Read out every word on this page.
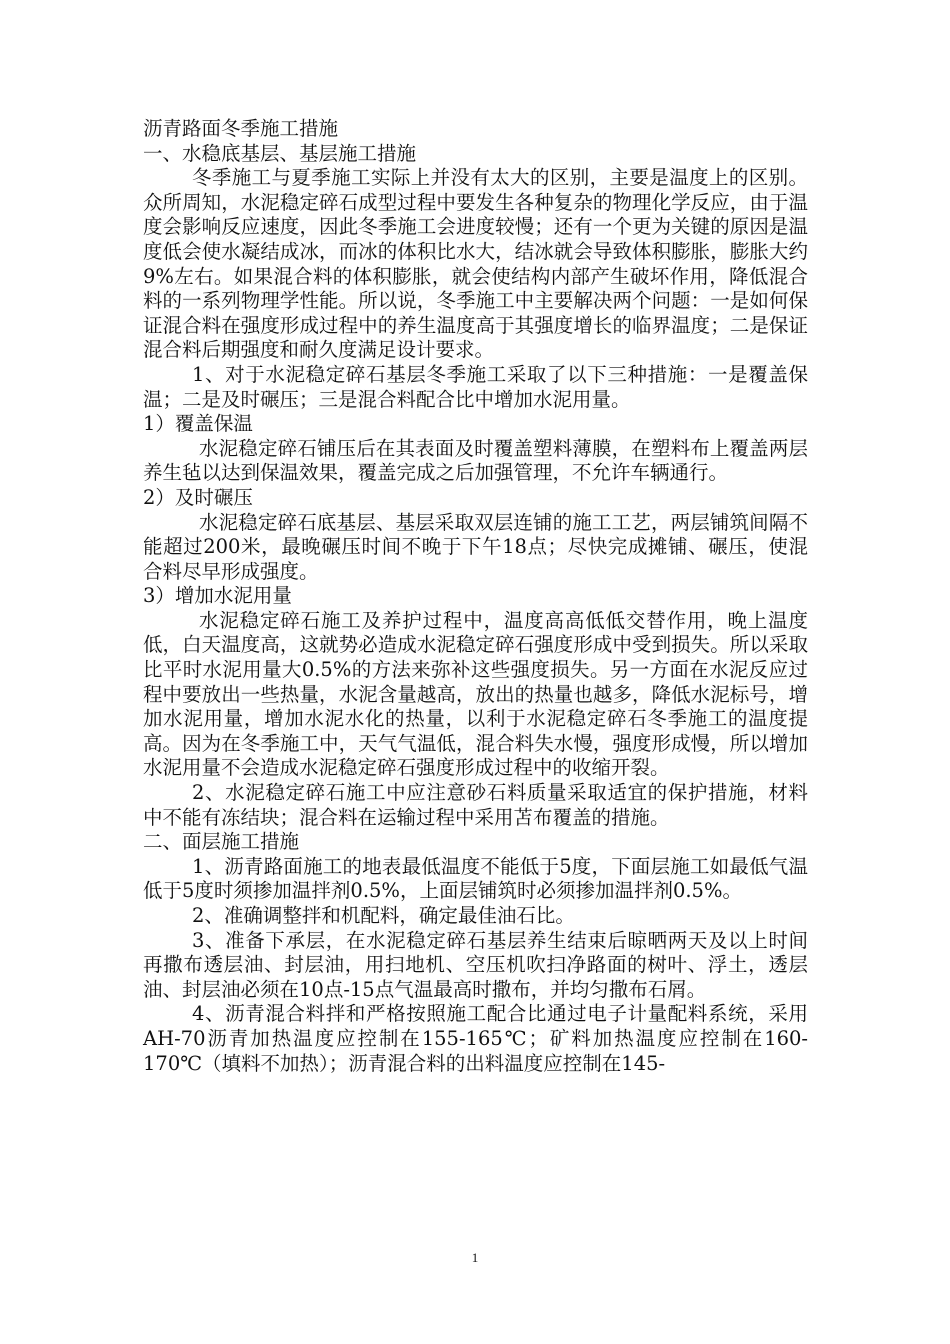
沥青路面冬季施工措施

一、水稳底基层、基层施工措施

冬季施工与夏季施工实际上并没有太大的区别，主要是温度上的区别。众所周知，水泥稳定碎石成型过程中要发生各种复杂的物理化学反应，由于温度会影响反应速度，因此冬季施工会进度较慢；还有一个更为关键的原因是温度低会使水凝结成冰，而冰的体积比水大，结冰就会导致体积膨胀，膨胀大约9%左右。如果混合料的体积膨胀，就会使结构内部产生破坏作用，降低混合料的一系列物理学性能。所以说，冬季施工中主要解决两个问题：一是如何保证混合料在强度形成过程中的养生温度高于其强度增长的临界温度；二是保证混合料后期强度和耐久度满足设计要求。

1、对于水泥稳定碎石基层冬季施工采取了以下三种措施：一是覆盖保温；二是及时碾压；三是混合料配合比中增加水泥用量。

1）覆盖保温

水泥稳定碎石铺压后在其表面及时覆盖塑料薄膜，在塑料布上覆盖两层养生毡以达到保温效果，覆盖完成之后加强管理，不允许车辆通行。

2）及时碾压

水泥稳定碎石底基层、基层采取双层连铺的施工工艺，两层铺筑间隔不能超过200米，最晚碾压时间不晚于下午18点；尽快完成摊铺、碾压，使混合料尽早形成强度。

3）增加水泥用量

水泥稳定碎石施工及养护过程中，温度高高低低交替作用，晚上温度低，白天温度高，这就势必造成水泥稳定碎石强度形成中受到损失。所以采取比平时水泥用量大0.5%的方法来弥补这些强度损失。另一方面在水泥反应过程中要放出一些热量，水泥含量越高，放出的热量也越多，降低水泥标号，增加水泥用量，增加水泥水化的热量，以利于水泥稳定碎石冬季施工的温度提高。因为在冬季施工中，天气气温低，混合料失水慢，强度形成慢，所以增加水泥用量不会造成水泥稳定碎石强度形成过程中的收缩开裂。

2、水泥稳定碎石施工中应注意砂石料质量采取适宜的保护措施，材料中不能有冻结块；混合料在运输过程中采用苫布覆盖的措施。

二、面层施工措施

1、沥青路面施工的地表最低温度不能低于5度，下面层施工如最低气温低于5度时须掺加温拌剂0.5%，上面层铺筑时必须掺加温拌剂0.5%。

2、准确调整拌和机配料，确定最佳油石比。

3、准备下承层，在水泥稳定碎石基层养生结束后晾晒两天及以上时间再撒布透层油、封层油，用扫地机、空压机吹扫净路面的树叶、浮土，透层油、封层油必须在10点-15点气温最高时撒布，并均匀撒布石屑。

4、沥青混合料拌和严格按照施工配合比通过电子计量配料系统，采用AH-70沥青加热温度应控制在155-165℃；矿料加热温度应控制在160-170℃（填料不加热）；沥青混合料的出料温度应控制在145-

1
